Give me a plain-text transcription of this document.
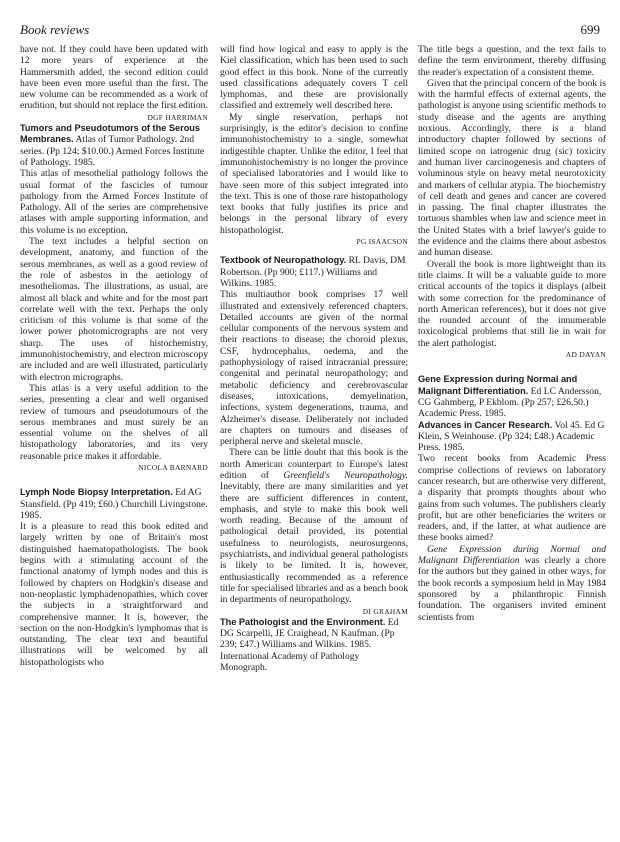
Book reviews	699

have not. If they could have been updated with 12 more years of experience at the Hammersmith added, the second edition could have been even more useful than the first. The new volume can be recommended as a work of erudition, but should not replace the first edition.

DGF HARRIMAN

Tumors and Pseudotumors of the Serous Membranes. Atlas of Tumor Pathology. 2nd series. (Pp 124; $10.00.) Armed Forces Institute of Pathology. 1985.

This atlas of mesothelial pathology follows the usual format of the fascicles of tumour pathology from the Armed Forces Institute of Pathology. All of the series are comprehensive atlases with ample supporting information, and this volume is no exception.

The text includes a helpful section on development, anatomy, and function of the serous membranes, as well as a good review of the role of asbestos in the aetiology of mesotheliomas. The illustrations, as usual, are almost all black and white and for the most part correlate well with the text. Perhaps the only criticism of this volume is that some of the lower power photomicrographs are not very sharp. The uses of histochemistry, immunohistochemistry, and electron microscopy are included and are well illustrated, particularly with electron micrographs.

This atlas is a very useful addition to the series, presenting a clear and well organised review of tumours and pseudotumours of the serous membranes and must surely be an essential volume on the shelves of all histopathology laboratories, and its very reasonable price makes it affordable.

NICOLA BARNARD

Lymph Node Biopsy Interpretation. Ed AG Stansfield. (Pp 419; £60.) Churchill Livingstone. 1985.

It is a pleasure to read this book edited and largely written by one of Britain's most distinguished haematopathologists. The book begins with a stimulating account of the functional anatomy of lymph nodes and this is followed by chapters on Hodgkin's disease and non-neoplastic lymphadenopathies, which cover the subjects in a straightforward and comprehensive manner. It is, however, the section on the non-Hodgkin's lymphomas that is outstanding. The clear text and beautiful illustrations will be welcomed by all histopathologists who

will find how logical and easy to apply is the Kiel classification, which has been used to such good effect in this book. None of the currently used classifications adequately covers T cell lymphomas, and these are provisionally classified and extremely well described here.

My single reservation, perhaps not surprisingly, is the editor's decision to confine immunohistochemistry to a single, somewhat indigestible chapter. Unlike the editor, I feel that immunohistochemistry is no longer the province of specialised laboratories and I would like to have seen more of this subject integrated into the text. This is one of those rare histopathology text books that fully justifies its price and belongs in the personal library of every histopathologist.

PG ISAACSON

Textbook of Neuropathology. RL Davis, DM Robertson. (Pp 900; £117.) Williams and Wilkins. 1985.

This multiauthor book comprises 17 well illustrated and extensively referenced chapters. Detailed accounts are given of the normal cellular components of the nervous system and their reactions to disease; the choroid plexus, CSF, hydrocephalus, oedema, and the pathophysiology of raised intracranial pressure; congenital and perinatal neuropathology; and metabolic deficiency and cerebrovascular diseases, intoxications, demyelination, infections, system degenerations, trauma, and Alzheimer's disease. Deliberately not included are chapters on tumours and diseases of peripheral nerve and skeletal muscle.

There can be little doubt that this book is the north American counterpart to Europe's latest edition of Greenfield's Neuropathology. Inevitably, there are many similarities and yet there are sufficient differences in content, emphasis, and style to make this book well worth reading. Because of the amount of pathological detail provided, its potential usefulness to neurologists, neurosurgeons, psychiatrists, and individual general pathologists is likely to be limited. It is, however, enthusiastically recommended as a reference title for specialised libraries and as a bench book in departments of neuropathology.

DI GRAHAM

The Pathologist and the Environment. Ed DG Scarpelli, JE Craighead, N Kaufman. (Pp 239; £47.) Williams and Wilkins. 1985. International Academy of Pathology Monograph.

The title begs a question, and the text fails to define the term environment, thereby diffusing the reader's expectation of a consistent theme.

Given that the principal concern of the book is with the harmful effects of external agents, the pathologist is anyone using scientific methods to study disease and the agents are anything noxious. Accordingly, there is a bland introductory chapter followed by sections of limited scope on iatrogenic drug (sic) toxicity and human liver carcinogenesis and chapters of voluminous style on heavy metal neurotoxicity and markers of cellular atypia. The biochemistry of cell death and genes and cancer are covered in passing. The final chapter illustrates the tortuous shambles when law and science meet in the United States with a brief lawyer's guide to the evidence and the claims there about asbestos and human disease.

Overall the book is more lightweight than its title claims. It will be a valuable guide to more critical accounts of the topics it displays (albeit with some correction for the predominance of north American references), but it does not give the rounded account of the innumerable toxicological problems that still lie in wait for the alert pathologist.

AD DAYAN

Gene Expression during Normal and Malignant Differentiation. Ed LC Andersson, CG Gahmberg, P Ekblom. (Pp 257; £26.50.) Academic Press. 1985.

Advances in Cancer Research. Vol 45. Ed G Klein, S Weinhouse. (Pp 324; £48.) Academic Press. 1985.

Two recent books from Academic Press comprise collections of reviews on laboratory cancer research, but are otherwise very different, a disparity that prompts thoughts about who gains from such volumes. The publishers clearly profit, but are other beneficiaries the writers or readers, and, if the latter, at what audience are these books aimed?

Gene Expression during Normal and Malignant Differentiation was clearly a chore for the authors but they gained in other ways, for the book records a symposium held in May 1984 sponsored by a philanthropic Finnish foundation. The organisers invited eminent scientists from
